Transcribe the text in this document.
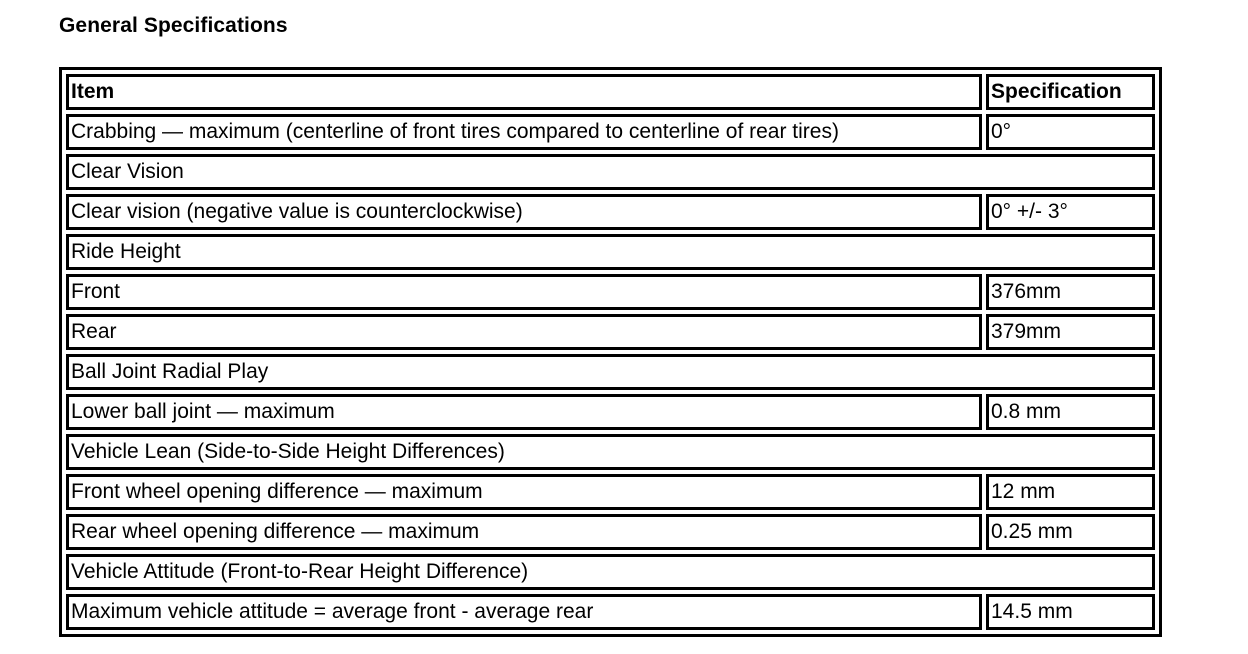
General Specifications
Item	Specification
Crabbing — maximum (centerline of front tires compared to centerline of rear tires)	0°
Clear Vision	
Clear vision (negative value is counterclockwise)	0° +/- 3°
Ride Height	
Front	376mm
Rear	379mm
Ball Joint Radial Play	
Lower ball joint — maximum	0.8 mm
Vehicle Lean (Side-to-Side Height Differences)	
Front wheel opening difference — maximum	12 mm
Rear wheel opening difference — maximum	0.25 mm
Vehicle Attitude (Front-to-Rear Height Difference)	
Maximum vehicle attitude = average front - average rear	14.5 mm
